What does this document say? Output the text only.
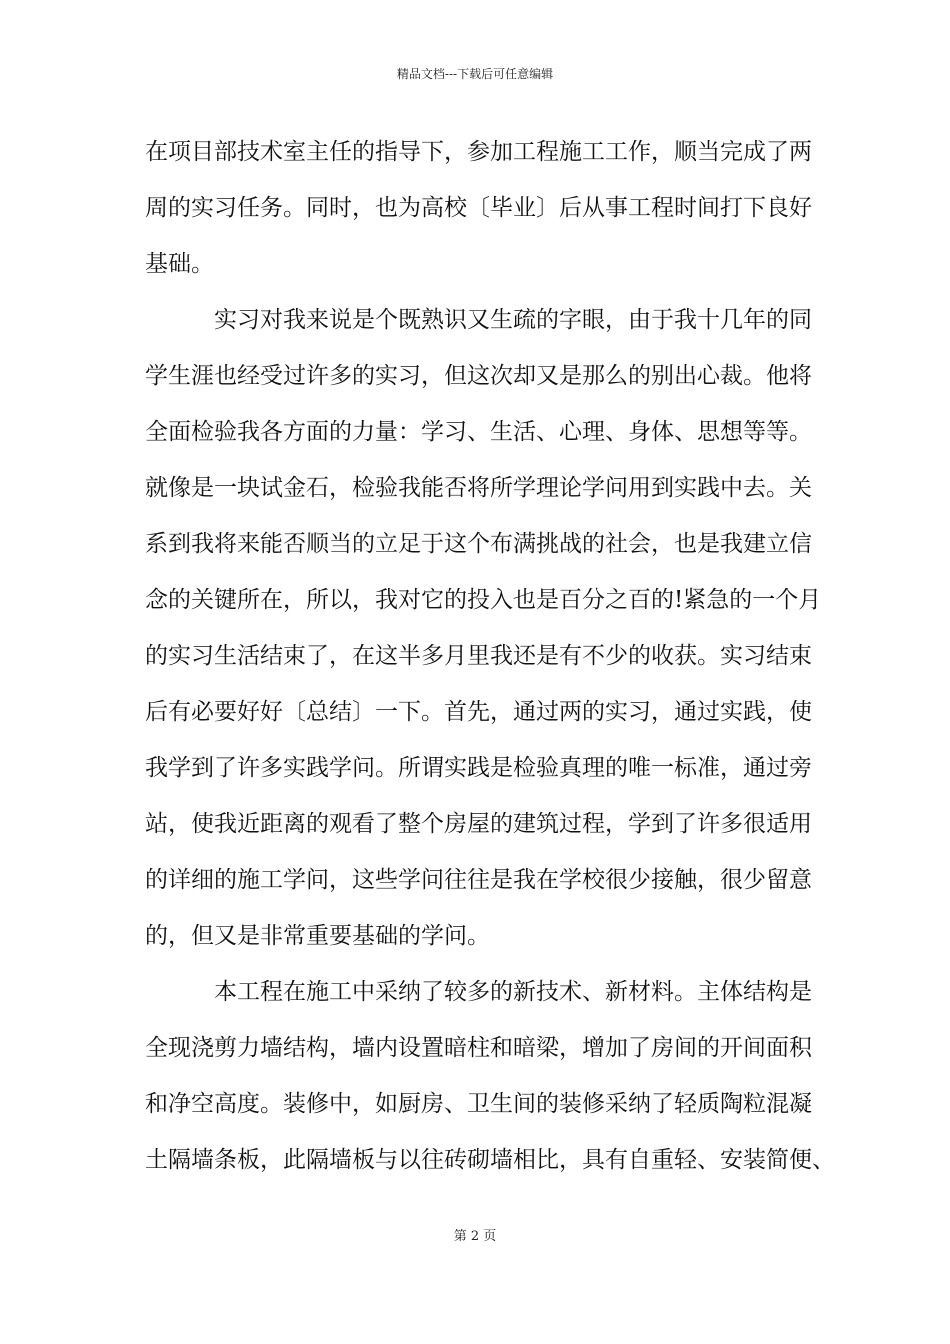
精品文档---下载后可任意编辑
在项目部技术室主任的指导下，参加工程施工工作，顺当完成了两
周的实习任务。同时，也为高校〔毕业〕后从事工程时间打下良好
基础。
实习对我来说是个既熟识又生疏的字眼，由于我十几年的同
学生涯也经受过许多的实习，但这次却又是那么的别出心裁。他将
全面检验我各方面的力量：学习、生活、心理、身体、思想等等。
就像是一块试金石，检验我能否将所学理论学问用到实践中去。关
系到我将来能否顺当的立足于这个布满挑战的社会，也是我建立信
念的关键所在，所以，我对它的投入也是百分之百的!紧急的一个月
的实习生活结束了，在这半多月里我还是有不少的收获。实习结束
后有必要好好〔总结〕一下。首先，通过两的实习，通过实践，使
我学到了许多实践学问。所谓实践是检验真理的唯一标准，通过旁
站，使我近距离的观看了整个房屋的建筑过程，学到了许多很适用
的详细的施工学问，这些学问往往是我在学校很少接触，很少留意
的，但又是非常重要基础的学问。
本工程在施工中采纳了较多的新技术、新材料。主体结构是
全现浇剪力墙结构，墙内设置暗柱和暗梁，增加了房间的开间面积
和净空高度。装修中，如厨房、卫生间的装修采纳了轻质陶粒混凝
土隔墙条板，此隔墙板与以往砖砌墙相比，具有自重轻、安装简便、
第 2 页
